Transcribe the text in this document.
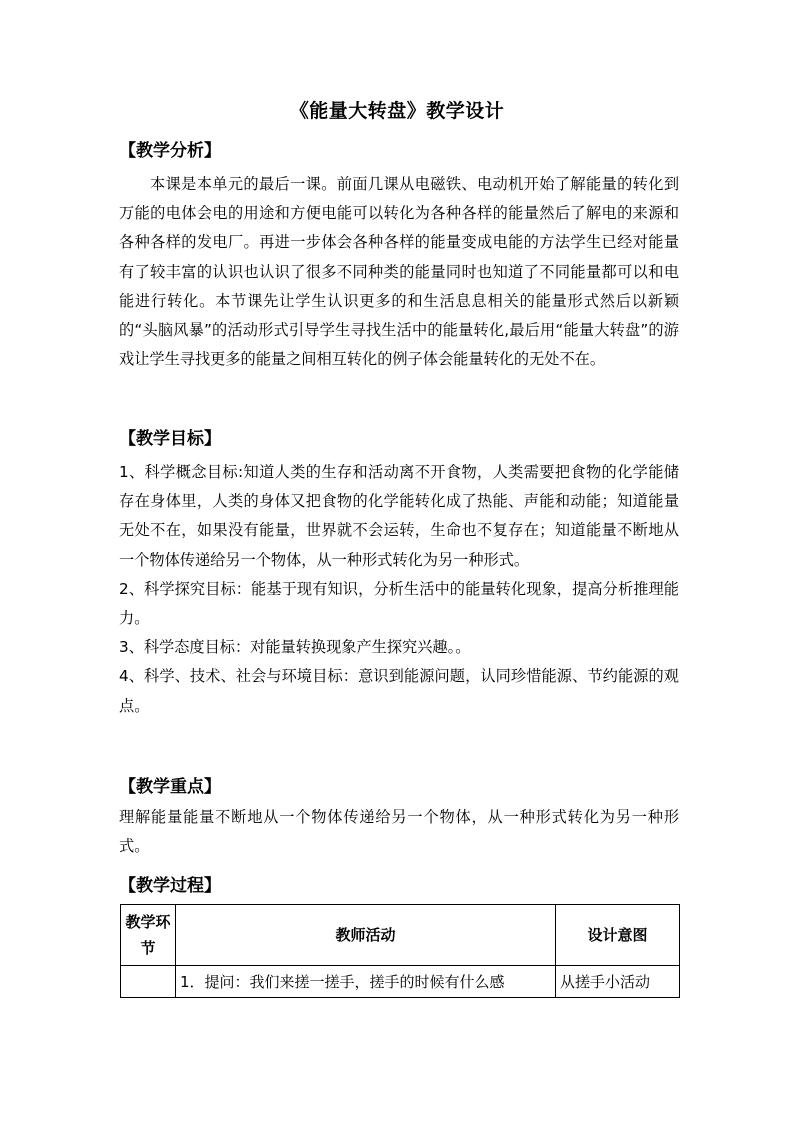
《能量大转盘》教学设计
【教学分析】
本课是本单元的最后一课。前面几课从电磁铁、电动机开始了解能量的转化到万能的电体会电的用途和方便电能可以转化为各种各样的能量然后了解电的来源和各种各样的发电厂。再进一步体会各种各样的能量变成电能的方法学生已经对能量有了较丰富的认识也认识了很多不同种类的能量同时也知道了不同能量都可以和电能进行转化。本节课先让学生认识更多的和生活息息相关的能量形式然后以新颖的“头脑风暴”的活动形式引导学生寻找生活中的能量转化,最后用“能量大转盘”的游戏让学生寻找更多的能量之间相互转化的例子体会能量转化的无处不在。
【教学目标】

1、科学概念目标:知道人类的生存和活动离不开食物，人类需要把食物的化学能储存在身体里，人类的身体又把食物的化学能转化成了热能、声能和动能；知道能量无处不在，如果没有能量，世界就不会运转，生命也不复存在；知道能量不断地从一个物体传递给另一个物体，从一种形式转化为另一种形式。

2、科学探究目标：能基于现有知识，分析生活中的能量转化现象，提高分析推理能力。

3、科学态度目标：对能量转换现象产生探究兴趣。。

4、科学、技术、社会与环境目标：意识到能源问题，认同珍惜能源、节约能源的观点。

【教学重点】
理解能量能量不断地从一个物体传递给另一个物体，从一种形式转化为另一种形式。
【教学过程】
教学环节	教师活动	设计意图
	1．提问：我们来搓一搓手，搓手的时候有什么感	从搓手小活动
